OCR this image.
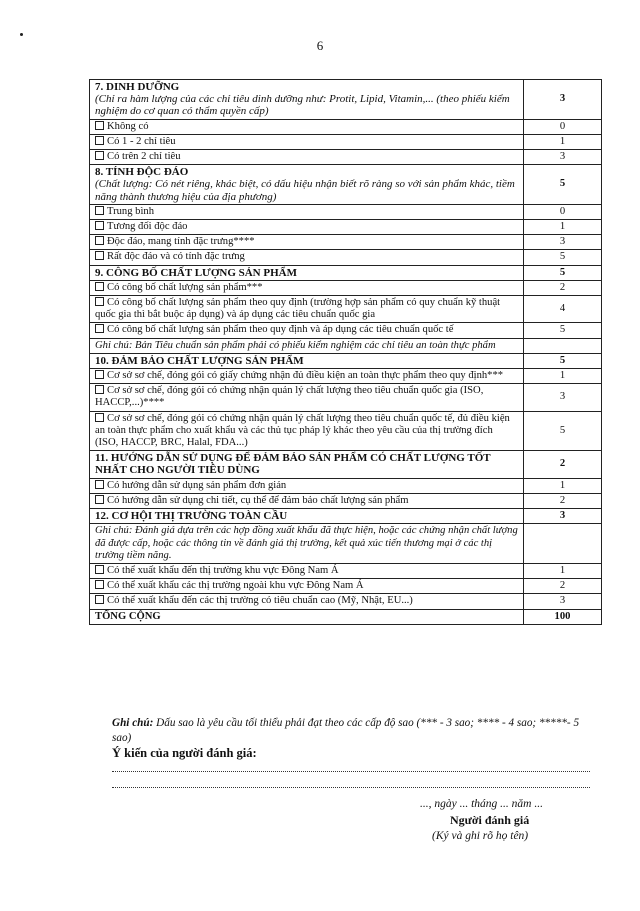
6
7. DINH DƯỠNG
(Chỉ ra hàm lượng của các chỉ tiêu dinh dưỡng như: Protit, Lipid, Vitamin,... (theo phiếu kiểm nghiệm do cơ quan có thẩm quyền cấp)	3
Không có	0
Có 1 - 2 chỉ tiêu	1
Có trên 2 chỉ tiêu	3
8. TÍNH ĐỘC ĐÁO
(Chất lượng: Có nét riêng, khác biệt, có dấu hiệu nhận biết rõ ràng so với sản phẩm khác, tiềm năng thành thương hiệu của địa phương)	5
Trung bình	0
Tương đối độc đáo	1
Độc đáo, mang tính đặc trưng****	3
Rất độc đáo và có tính đặc trưng	5
9. CÔNG BỐ CHẤT LƯỢNG SẢN PHẨM	5
Có công bố chất lượng sản phẩm***	2
Có công bố chất lượng sản phẩm theo quy định (trường hợp sản phẩm có quy chuẩn kỹ thuật quốc gia thì bắt buộc áp dụng) và áp dụng các tiêu chuẩn quốc gia	4
Có công bố chất lượng sản phẩm theo quy định và áp dụng các tiêu chuẩn quốc tế	5
Ghi chú: Bản Tiêu chuẩn sản phẩm phải có phiếu kiểm nghiệm các chỉ tiêu an toàn thực phẩm	
10. ĐẢM BẢO CHẤT LƯỢNG SẢN PHẨM	5
Cơ sở sơ chế, đóng gói có giấy chứng nhận đủ điều kiện an toàn thực phẩm theo quy định***	1
Cơ sở sơ chế, đóng gói có chứng nhận quản lý chất lượng theo tiêu chuẩn quốc gia (ISO, HACCP,...)****	3
Cơ sở sơ chế, đóng gói có chứng nhận quản lý chất lượng theo tiêu chuẩn quốc tế, đủ điều kiện an toàn thực phẩm cho xuất khẩu và các thủ tục pháp lý khác theo yêu cầu của thị trường đích (ISO, HACCP, BRC, Halal, FDA...)	5
11. HƯỚNG DẪN SỬ DỤNG ĐỂ ĐẢM BẢO SẢN PHẨM CÓ CHẤT LƯỢNG TỐT NHẤT CHO NGƯỜI TIÊU DÙNG	2
Có hướng dẫn sử dụng sản phẩm đơn giản	1
Có hướng dẫn sử dụng chi tiết, cụ thể để đảm bảo chất lượng sản phẩm	2
12. CƠ HỘI THỊ TRƯỜNG TOÀN CẦU	3
Ghi chú: Đánh giá dựa trên các hợp đồng xuất khẩu đã thực hiện, hoặc các chứng nhận chất lượng đã được cấp, hoặc các thông tin về đánh giá thị trường, kết quả xúc tiến thương mại ở các thị trường tiềm năng.	
Có thể xuất khẩu đến thị trường khu vực Đông Nam Á	1
Có thể xuất khẩu các thị trường ngoài khu vực Đông Nam Á	2
Có thể xuất khẩu đến các thị trường có tiêu chuẩn cao (Mỹ, Nhật, EU...)	3
TỔNG CỘNG	100
Ghi chú: Dấu sao là yêu cầu tối thiểu phải đạt theo các cấp độ sao (*** - 3 sao; **** - 4 sao; *****- 5 sao)
Ý kiến của người đánh giá:
..., ngày ... tháng ... năm ...
Người đánh giá
(Ký và ghi rõ họ tên)
